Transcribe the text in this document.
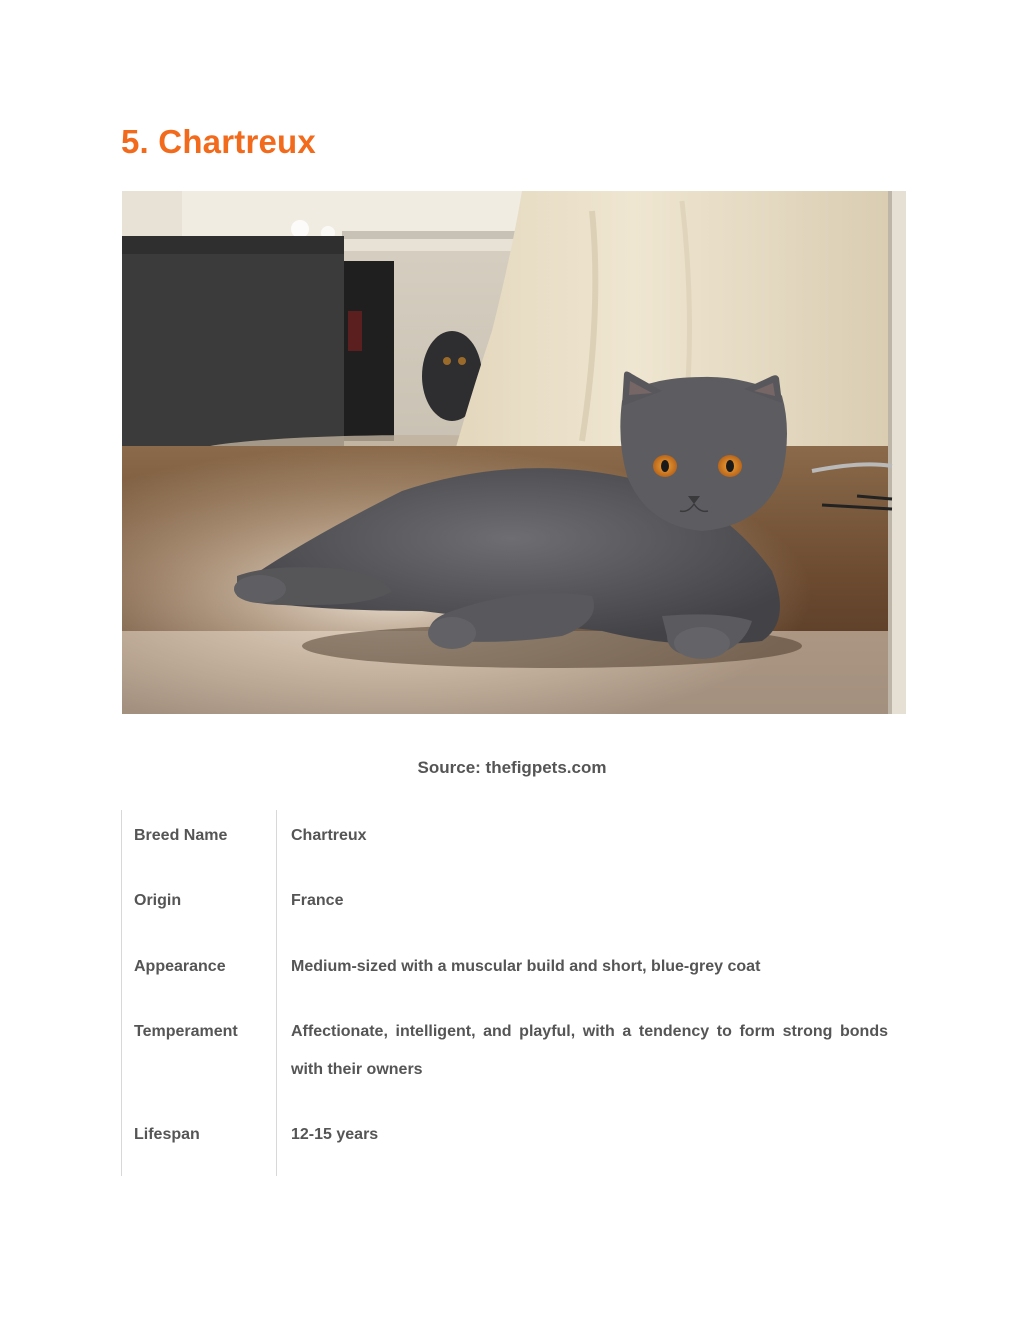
5. Chartreux
Source: thefigpets.com
Breed Name	Chartreux
Origin	France
Appearance	Medium-sized with a muscular build and short, blue-grey coat
Temperament	Affectionate, intelligent, and playful, with a tendency to form strong bonds with their owners
Lifespan	12-15 years
